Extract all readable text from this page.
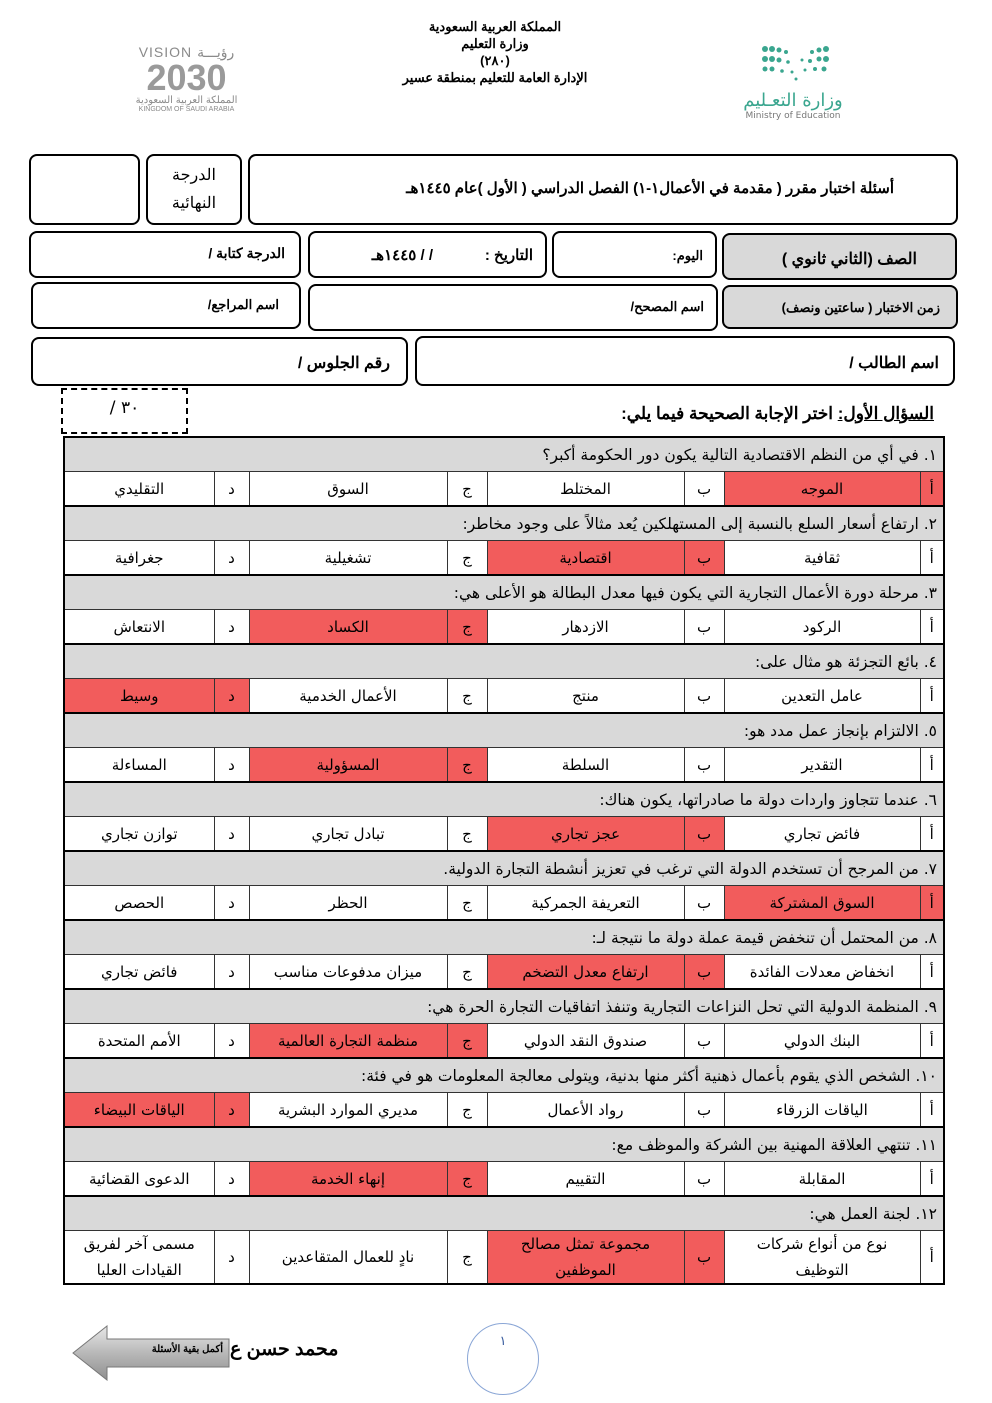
المملكة العربية السعودية
وزارة التعليم
(٢٨٠)
الإدارة العامة للتعليم بمنطقة عسير
VISION رؤيـــة
2030
المملكة العربية السعودية
KINGDOM OF SAUDI ARABIA	وزارة التعـليم
Ministry of Education
الدرجة النهائية
أسئلة اختبار مقرر ( مقدمة في الأعمال١-١) الفصل الدراسي ( الأول )عام ١٤٤٥هـ
الدرجة كتابة /	التاريخ :
/ / ١٤٤٥هـ	اليوم:	الصف (الثاني ثانوي )
اسم المراجع/	اسم المصحح/	زمن الاختبار ( ساعتين ونصف)
رقم الجلوس /	اسم الطالب /
/ ٣٠	السؤال الأول: اختر الإجابة الصحيحة فيما يلي:
١. في أي من النظم الاقتصادية التالية يكون دور الحكومة أكبر؟							
أ	الموجه	ب	المختلط	ج	السوق	د	التقليدي
٢. ارتفاع أسعار السلع بالنسبة إلى المستهلكين يُعد مثالاً على وجود مخاطر:							
أ	ثقافية	ب	اقتصادية	ج	تشغيلية	د	جغرافية
٣. مرحلة دورة الأعمال التجارية التي يكون فيها معدل البطالة هو الأعلى هي:							
أ	الركود	ب	الازدهار	ج	الكساد	د	الانتعاش
٤. بائع التجزئة هو مثال على:							
أ	عامل التعدين	ب	منتج	ج	الأعمال الخدمية	د	وسيط
٥. الالتزام بإنجاز عمل مدد هو:							
أ	التقدير	ب	السلطة	ج	المسؤولية	د	المساءلة
٦. عندما تتجاوز واردات دولة ما صادراتها، يكون هناك:							
أ	فائض تجاري	ب	عجز تجاري	ج	تبادل تجاري	د	توازن تجاري
٧. من المرجح أن تستخدم الدولة التي ترغب في تعزيز أنشطة التجارة الدولية.							
أ	السوق المشتركة	ب	التعريفة الجمركية	ج	الحظر	د	الحصص
٨. من المحتمل أن تنخفض قيمة عملة دولة ما نتيجة لـ:							
أ	انخفاض معدلات الفائدة	ب	ارتفاع معدل التضخم	ج	ميزان مدفوعات مناسب	د	فائض تجاري
٩. المنظمة الدولية التي تحل النزاعات التجارية وتنفذ اتفاقيات التجارة الحرة هي:							
أ	البنك الدولي	ب	صندوق النقد الدولي	ج	منظمة التجارة العالمية	د	الأمم المتحدة
١٠. الشخص الذي يقوم بأعمال ذهنية أكثر منها بدنية، ويتولى معالجة المعلومات هو في فئة:							
أ	الياقات الزرقاء	ب	رواد الأعمال	ج	مديري الموارد البشرية	د	الياقات البيضاء
١١. تنتهي العلاقة المهنية بين الشركة والموظف مع:							
أ	المقابلة	ب	التقييم	ج	إنهاء الخدمة	د	الدعوى القضائية
١٢. لجنة العمل هي:							
أ	نوع من أنواع شركات التوظيف	ب	مجموعة تمثل مصالح الموظفين	ج	نادٍ للعمال المتقاعدين	د	مسمى آخر لفريق القيادات العليا
أكمل بقية الأسئلة محمد حسن ع	١
